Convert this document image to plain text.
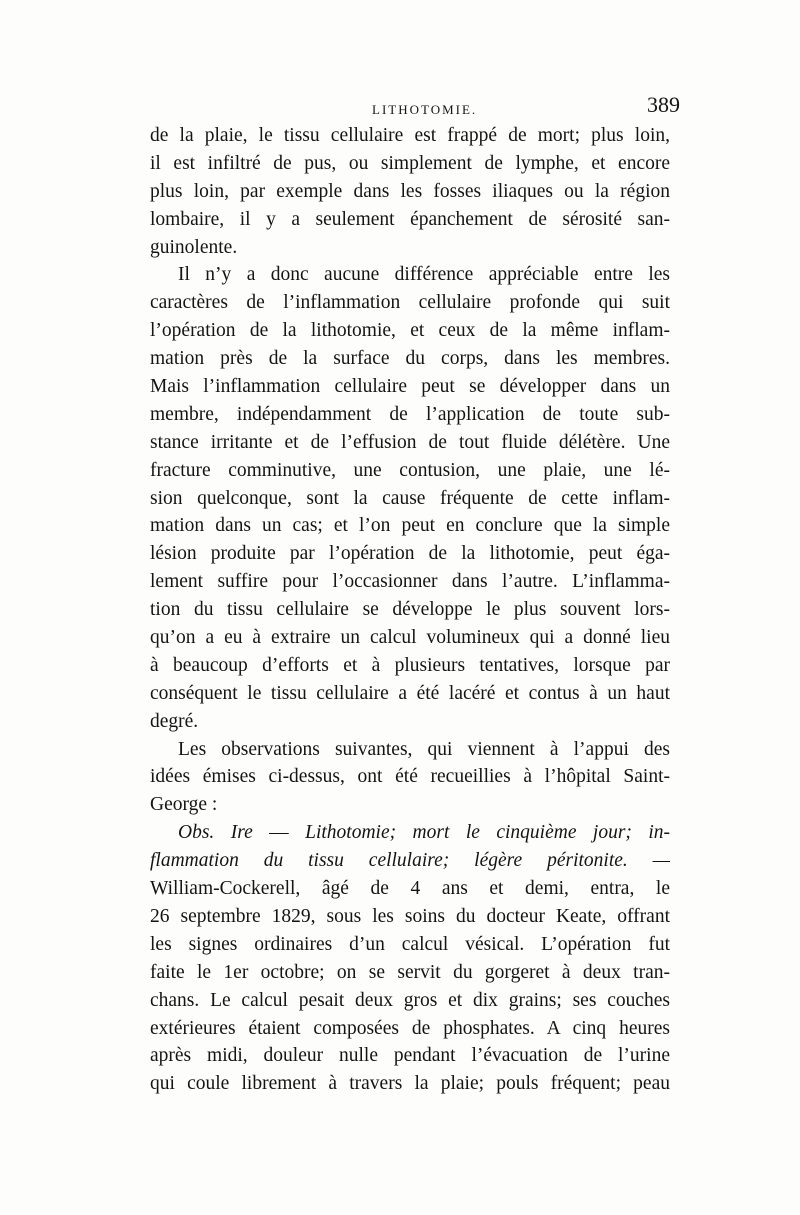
LITHOTOMIE.	389
de la plaie, le tissu cellulaire est frappé de mort; plus loin,
il est infiltré de pus, ou simplement de lymphe, et encore
plus loin, par exemple dans les fosses iliaques ou la région
lombaire, il y a seulement épanchement de sérosité san-
guinolente.
Il n’y a donc aucune différence appréciable entre les
caractères de l’inflammation cellulaire profonde qui suit
l’opération de la lithotomie, et ceux de la même inflam-
mation près de la surface du corps, dans les membres.
Mais l’inflammation cellulaire peut se développer dans un
membre, indépendamment de l’application de toute sub-
stance irritante et de l’effusion de tout fluide délétère. Une
fracture comminutive, une contusion, une plaie, une lé-
sion quelconque, sont la cause fréquente de cette inflam-
mation dans un cas; et l’on peut en conclure que la simple
lésion produite par l’opération de la lithotomie, peut éga-
lement suffire pour l’occasionner dans l’autre. L’inflamma-
tion du tissu cellulaire se développe le plus souvent lors-
qu’on a eu à extraire un calcul volumineux qui a donné lieu
à beaucoup d’efforts et à plusieurs tentatives, lorsque par
conséquent le tissu cellulaire a été lacéré et contus à un haut
degré.
Les observations suivantes, qui viennent à l’appui des
idées émises ci-dessus, ont été recueillies à l’hôpital Saint-
George :
Obs. Ire — Lithotomie; mort le cinquième jour; in-
flammation du tissu cellulaire; légère péritonite. —
William-Cockerell, âgé de 4 ans et demi, entra, le
26 septembre 1829, sous les soins du docteur Keate, offrant
les signes ordinaires d’un calcul vésical. L’opération fut
faite le 1er octobre; on se servit du gorgeret à deux tran-
chans. Le calcul pesait deux gros et dix grains; ses couches
extérieures étaient composées de phosphates. A cinq heures
après midi, douleur nulle pendant l’évacuation de l’urine
qui coule librement à travers la plaie; pouls fréquent; peau
